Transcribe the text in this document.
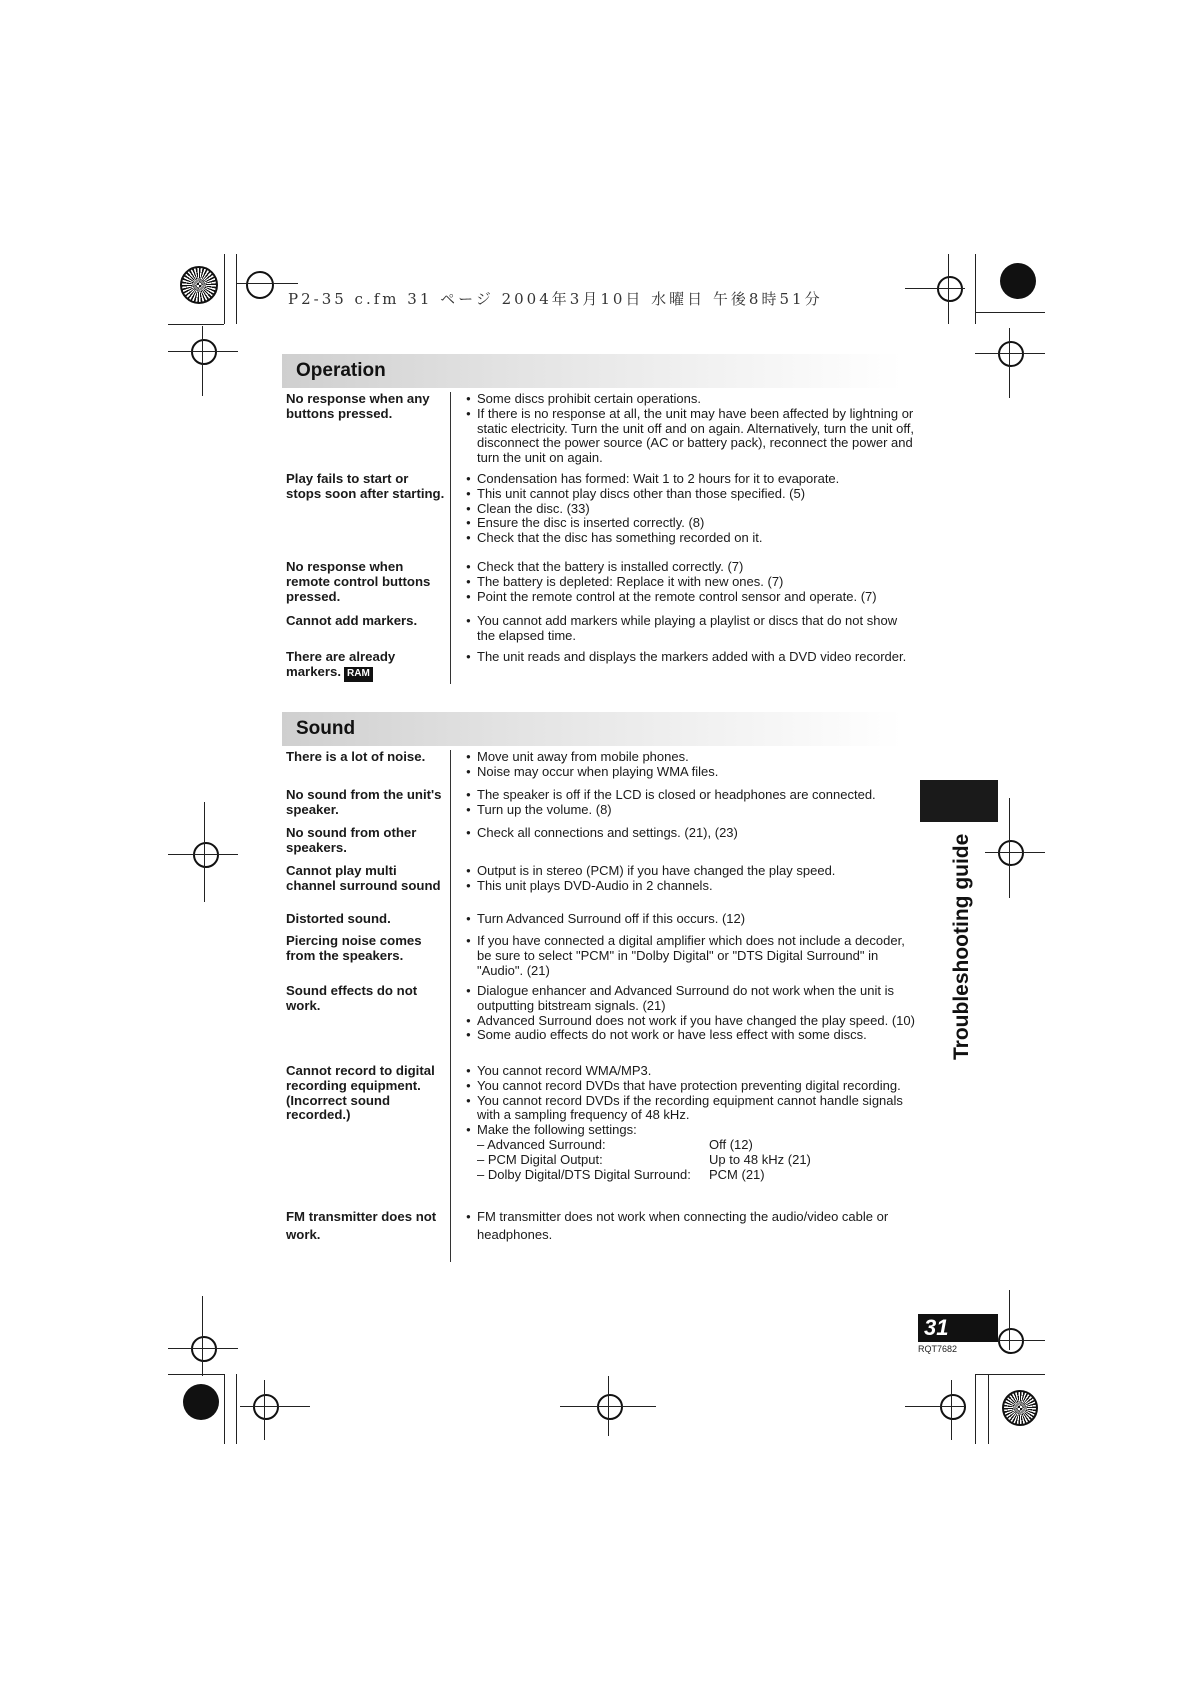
P2-35 c.fm 31 ページ 2004年3月10日 水曜日 午後8時51分
Operation
No response when any buttons pressed.
● Some discs prohibit certain operations.
● If there is no response at all, the unit may have been affected by lightning or static electricity. Turn the unit off and on again. Alternatively, turn the unit off, disconnect the power source (AC or battery pack), reconnect the power and turn the unit on again.
Play fails to start or stops soon after starting.
● Condensation has formed: Wait 1 to 2 hours for it to evaporate.
● This unit cannot play discs other than those specified. (5)
● Clean the disc. (33)
● Ensure the disc is inserted correctly. (8)
● Check that the disc has something recorded on it.
No response when remote control buttons pressed.
● Check that the battery is installed correctly. (7)
● The battery is depleted: Replace it with new ones. (7)
● Point the remote control at the remote control sensor and operate. (7)
Cannot add markers.	● You cannot add markers while playing a playlist or discs that do not show the elapsed time.
There are already markers. RAM
● The unit reads and displays the markers added with a DVD video recorder.
Sound
There is a lot of noise.	● Move unit away from mobile phones.
● Noise may occur when playing WMA files.
No sound from the unit's speaker.
● The speaker is off if the LCD is closed or headphones are connected.
● Turn up the volume. (8)
No sound from other speakers.
● Check all connections and settings. (21), (23)
Cannot play multi channel surround sound
● Output is in stereo (PCM) if you have changed the play speed.
● This unit plays DVD-Audio in 2 channels.
Distorted sound.	● Turn Advanced Surround off if this occurs. (12)
Piercing noise comes from the speakers.
● If you have connected a digital amplifier which does not include a decoder, be sure to select "PCM" in "Dolby Digital" or "DTS Digital Surround" in "Audio". (21)
Sound effects do not work.
● Dialogue enhancer and Advanced Surround do not work when the unit is outputting bitstream signals. (21)
● Advanced Surround does not work if you have changed the play speed. (10)
● Some audio effects do not work or have less effect with some discs.
Cannot record to digital recording equipment. (Incorrect sound recorded.)
● You cannot record WMA/MP3.
● You cannot record DVDs that have protection preventing digital recording.
● You cannot record DVDs if the recording equipment cannot handle signals with a sampling frequency of 48 kHz.
● Make the following settings:
– Advanced Surround:	Off (12)
– PCM Digital Output:	Up to 48 kHz (21)
– Dolby Digital/DTS Digital Surround: PCM (21)
FM transmitter does not work.
● FM transmitter does not work when connecting the audio/video cable or headphones.
Troubleshooting guide
31
RQT7682
